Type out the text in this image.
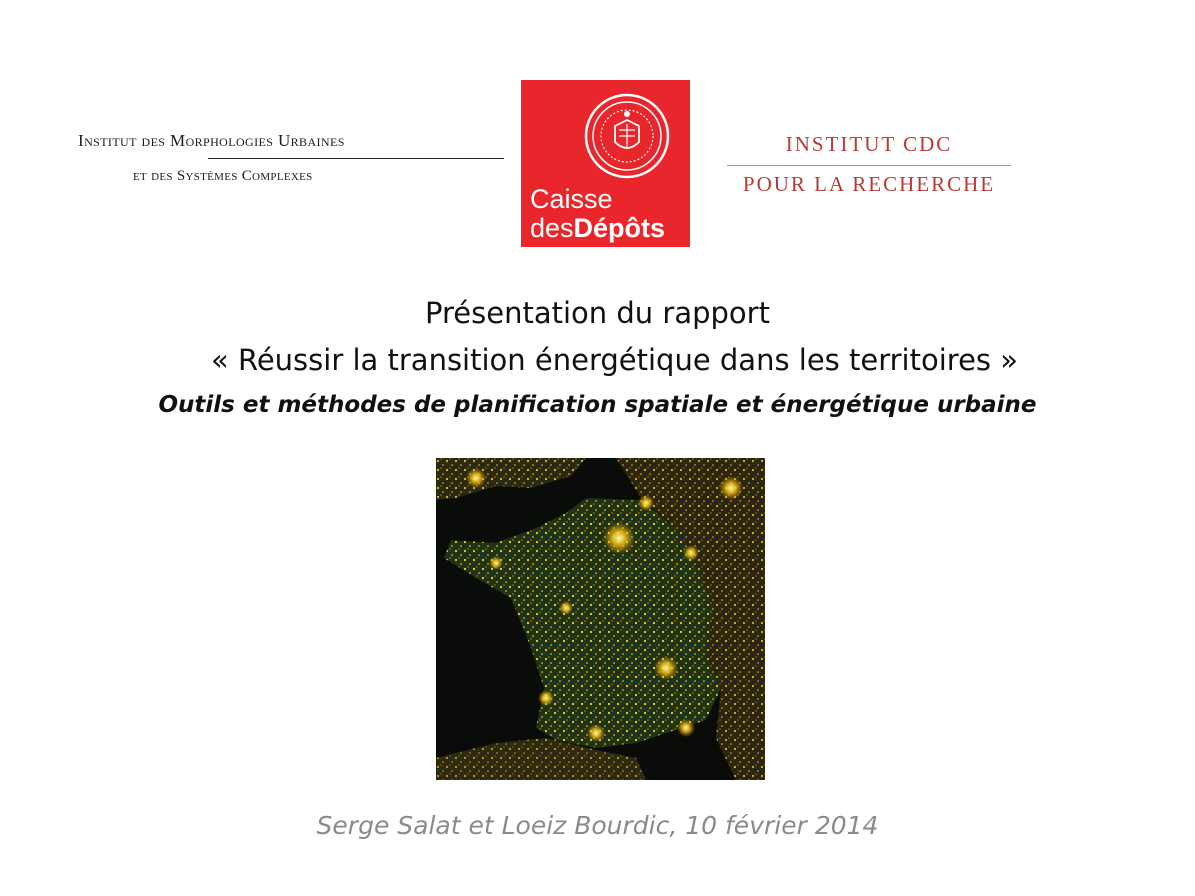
Institut des Morphologies Urbaines
et des Systèmes Complexes
Caisse
desDépôts
INSTITUT CDC
POUR LA RECHERCHE
Présentation du rapport
« Réussir la transition énergétique dans les territoires »
Outils et méthodes de planification spatiale et énergétique urbaine
Serge Salat et Loeiz Bourdic, 10 février 2014
